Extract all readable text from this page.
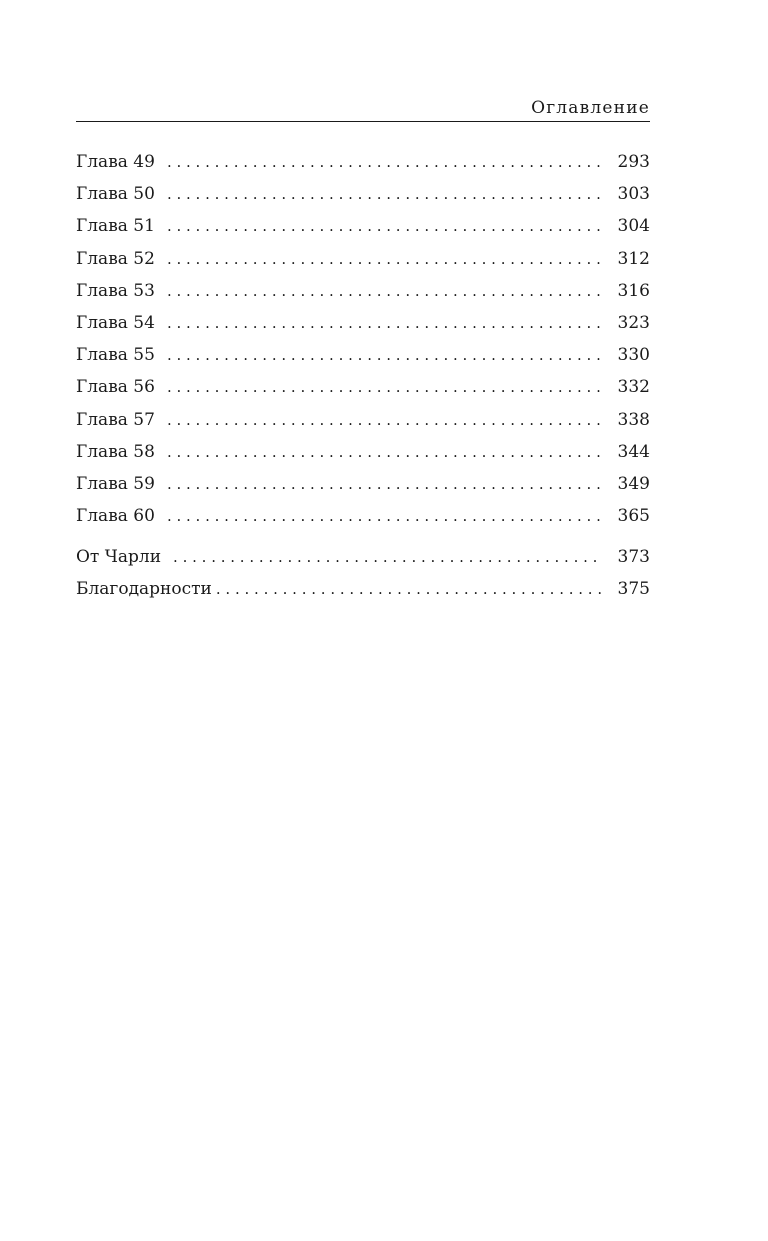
Оглавление
Глава 49 . . .	293
Глава 50 . . .	303
Глава 51 . . .	304
Глава 52 . . .	312
Глава 53 . . .	316
Глава 54 . . .	323
Глава 55 . . .	330
Глава 56 . . .	332
Глава 57 . . .	338
Глава 58 . . .	344
Глава 59 . . .	349
Глава 60 . . .	365
От Чарли . . .	373
Благодарности . . .	375
